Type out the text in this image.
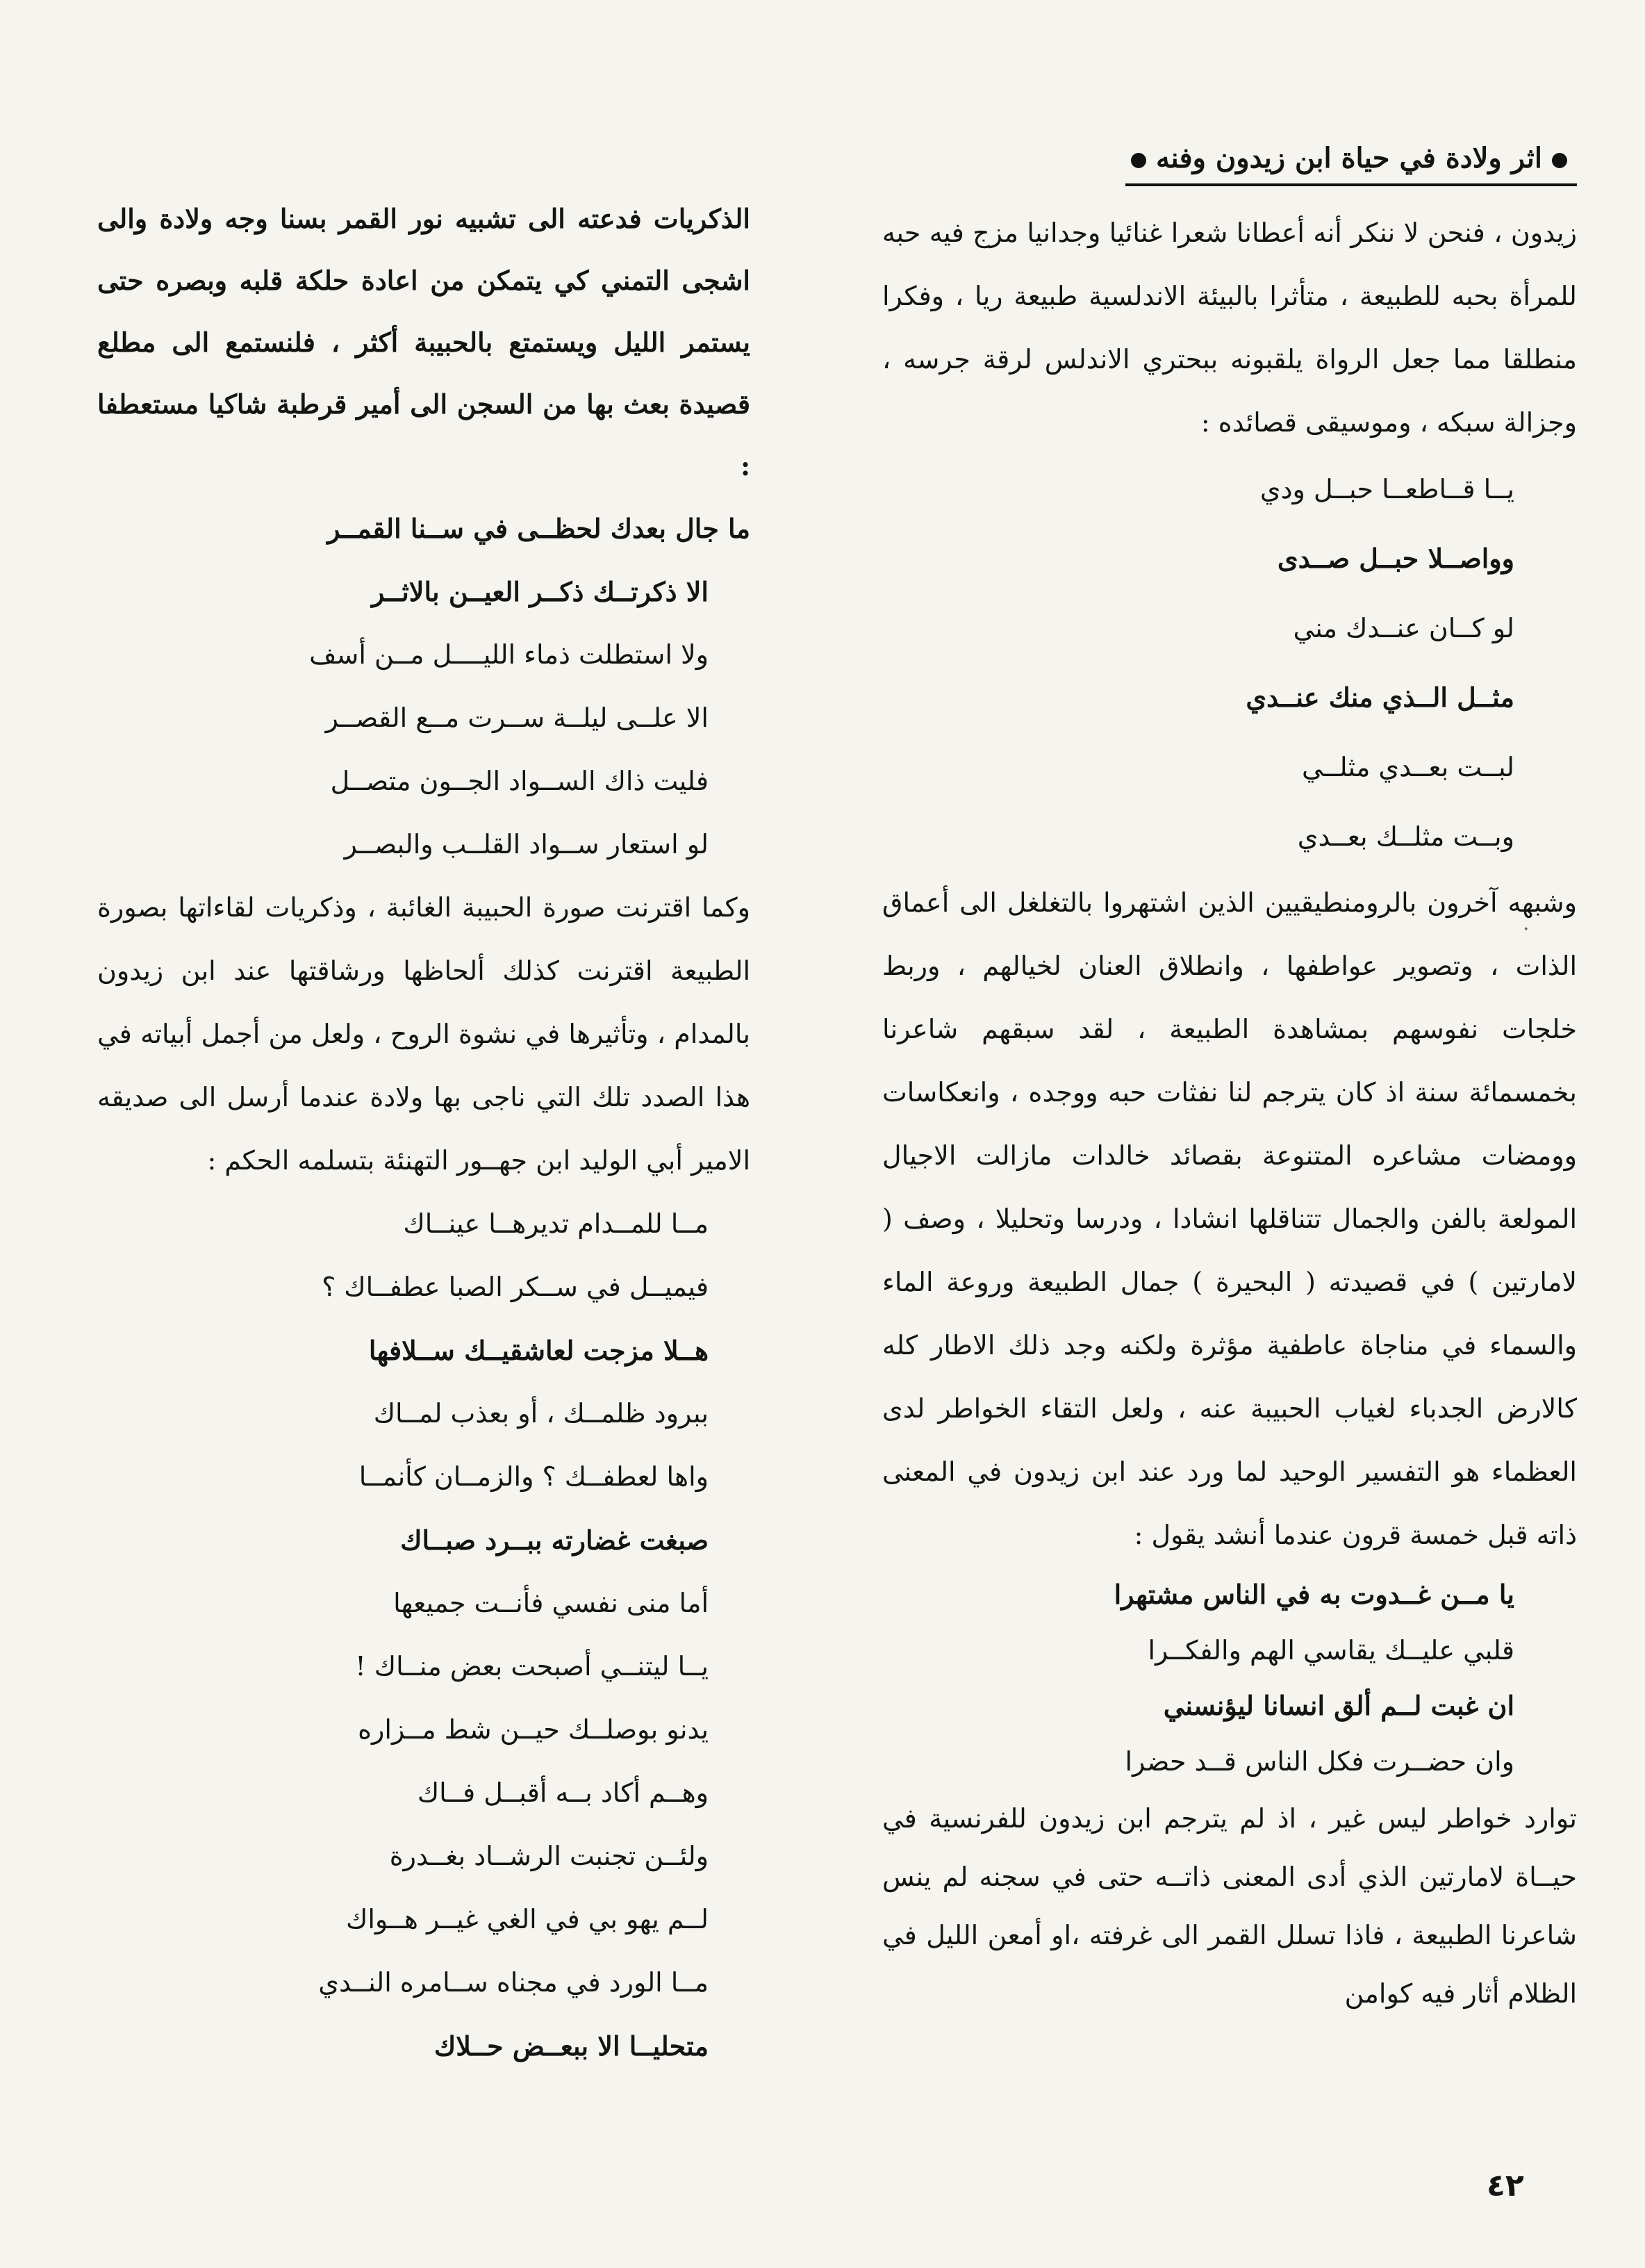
اثر ولادة في حياة ابن زيدون وفنه

زيدون ، فنحن لا ننكر أنه أعطانا شعرا غنائيا وجدانيا مزج فيه حبه للمرأة بحبه للطبيعة ، متأثرا بالبيئة الاندلسية طبيعة ريا ، وفكرا منطلقا مما جعل الرواة يلقبونه ببحتري الاندلس لرقة جرسه ، وجزالة سبكه ، وموسيقى قصائده :

يــا قــاطعــا حبــل ودي

وواصــلا حبــل صــدى

لو كــان عنــدك مني

مثــل الــذي منك عنــدي

لبــت بعــدي مثلــي

وبــت مثلــك بعــدي

وشبهه آخرون بالرومنطيقيين الذين اشتهروا بالتغلغل الى أعماق الذات ، وتصوير عواطفها ، وانطلاق العنان لخيالهم ، وربط خلجات نفوسهم بمشاهدة الطبيعة ، لقد سبقهم شاعرنا بخمسمائة سنة اذ كان يترجم لنا نفثات حبه ووجده ، وانعكاسات وومضات مشاعره المتنوعة بقصائد خالدات مازالت الاجيال المولعة بالفن والجمال تتناقلها انشادا ، ودرسا وتحليلا ، وصف ( لامارتين ) في قصيدته ( البحيرة ) جمال الطبيعة وروعة الماء والسماء في مناجاة عاطفية مؤثرة ولكنه وجد ذلك الاطار كله كالارض الجدباء لغياب الحبيبة عنه ، ولعل التقاء الخواطر لدى العظماء هو التفسير الوحيد لما ورد عند ابن زيدون في المعنى ذاته قبل خمسة قرون عندما أنشد يقول :

يا مــن غــدوت به في الناس مشتهرا

قلبي عليــك يقاسي الهم والفكــرا

ان غبت لــم ألق انسانا ليؤنسني

وان حضــرت فكل الناس قــد حضرا

توارد خواطر ليس غير ، اذ لم يترجم ابن زيدون للفرنسية في حيــاة لامارتين الذي أدى المعنى ذاتــه حتى في سجنه لم ينس شاعرنا الطبيعة ، فاذا تسلل القمر الى غرفته ،او أمعن الليل في الظلام أثار فيه كوامن

الذكريات فدعته الى تشبيه نور القمر بسنا وجه ولادة والى اشجى التمني كي يتمكن من اعادة حلكة قلبه وبصره حتى يستمر الليل ويستمتع بالحبيبة أكثر ، فلنستمع الى مطلع قصيدة بعث بها من السجن الى أمير قرطبة شاكيا مستعطفا :

ما جال بعدك لحظــى في ســنا القمــر

الا ذكرتــك ذكــر العيــن بالاثــر

ولا استطلت ذماء الليــــل مــن أسف

الا علــى ليلــة ســرت مــع القصــر

فليت ذاك الســواد الجــون متصــل

لو استعار ســواد القلــب والبصــر

وكما اقترنت صورة الحبيبة الغائبة ، وذكريات لقاءاتها بصورة الطبيعة اقترنت كذلك ألحاظها ورشاقتها عند ابن زيدون بالمدام ، وتأثيرها في نشوة الروح ، ولعل من أجمل أبياته في هذا الصدد تلك التي ناجى بها ولادة عندما أرسل الى صديقه الامير أبي الوليد ابن جهــور التهنئة بتسلمه الحكم :

مــا للمــدام تديرهــا عينــاك

فيميــل في ســكر الصبا عطفــاك ؟

هــلا مزجت لعاشقيــك ســلافها

ببرود ظلمــك ، أو بعذب لمــاك

واها لعطفــك ؟ والزمــان كأنمــا

صبغت غضارته ببــرد صبــاك

أما منى نفسي فأنــت جميعها

يــا ليتنــي أصبحت بعض منــاك !

يدنو بوصلــك حيــن شط مــزاره

وهــم أكاد بــه أقبــل فــاك

ولئــن تجنبت الرشــاد بغــدرة

لــم يهو بي في الغي غيــر هــواك

مــا الورد في مجناه ســامره النــدي

متحليــا الا ببعــض حــلاك

·
٤٢
